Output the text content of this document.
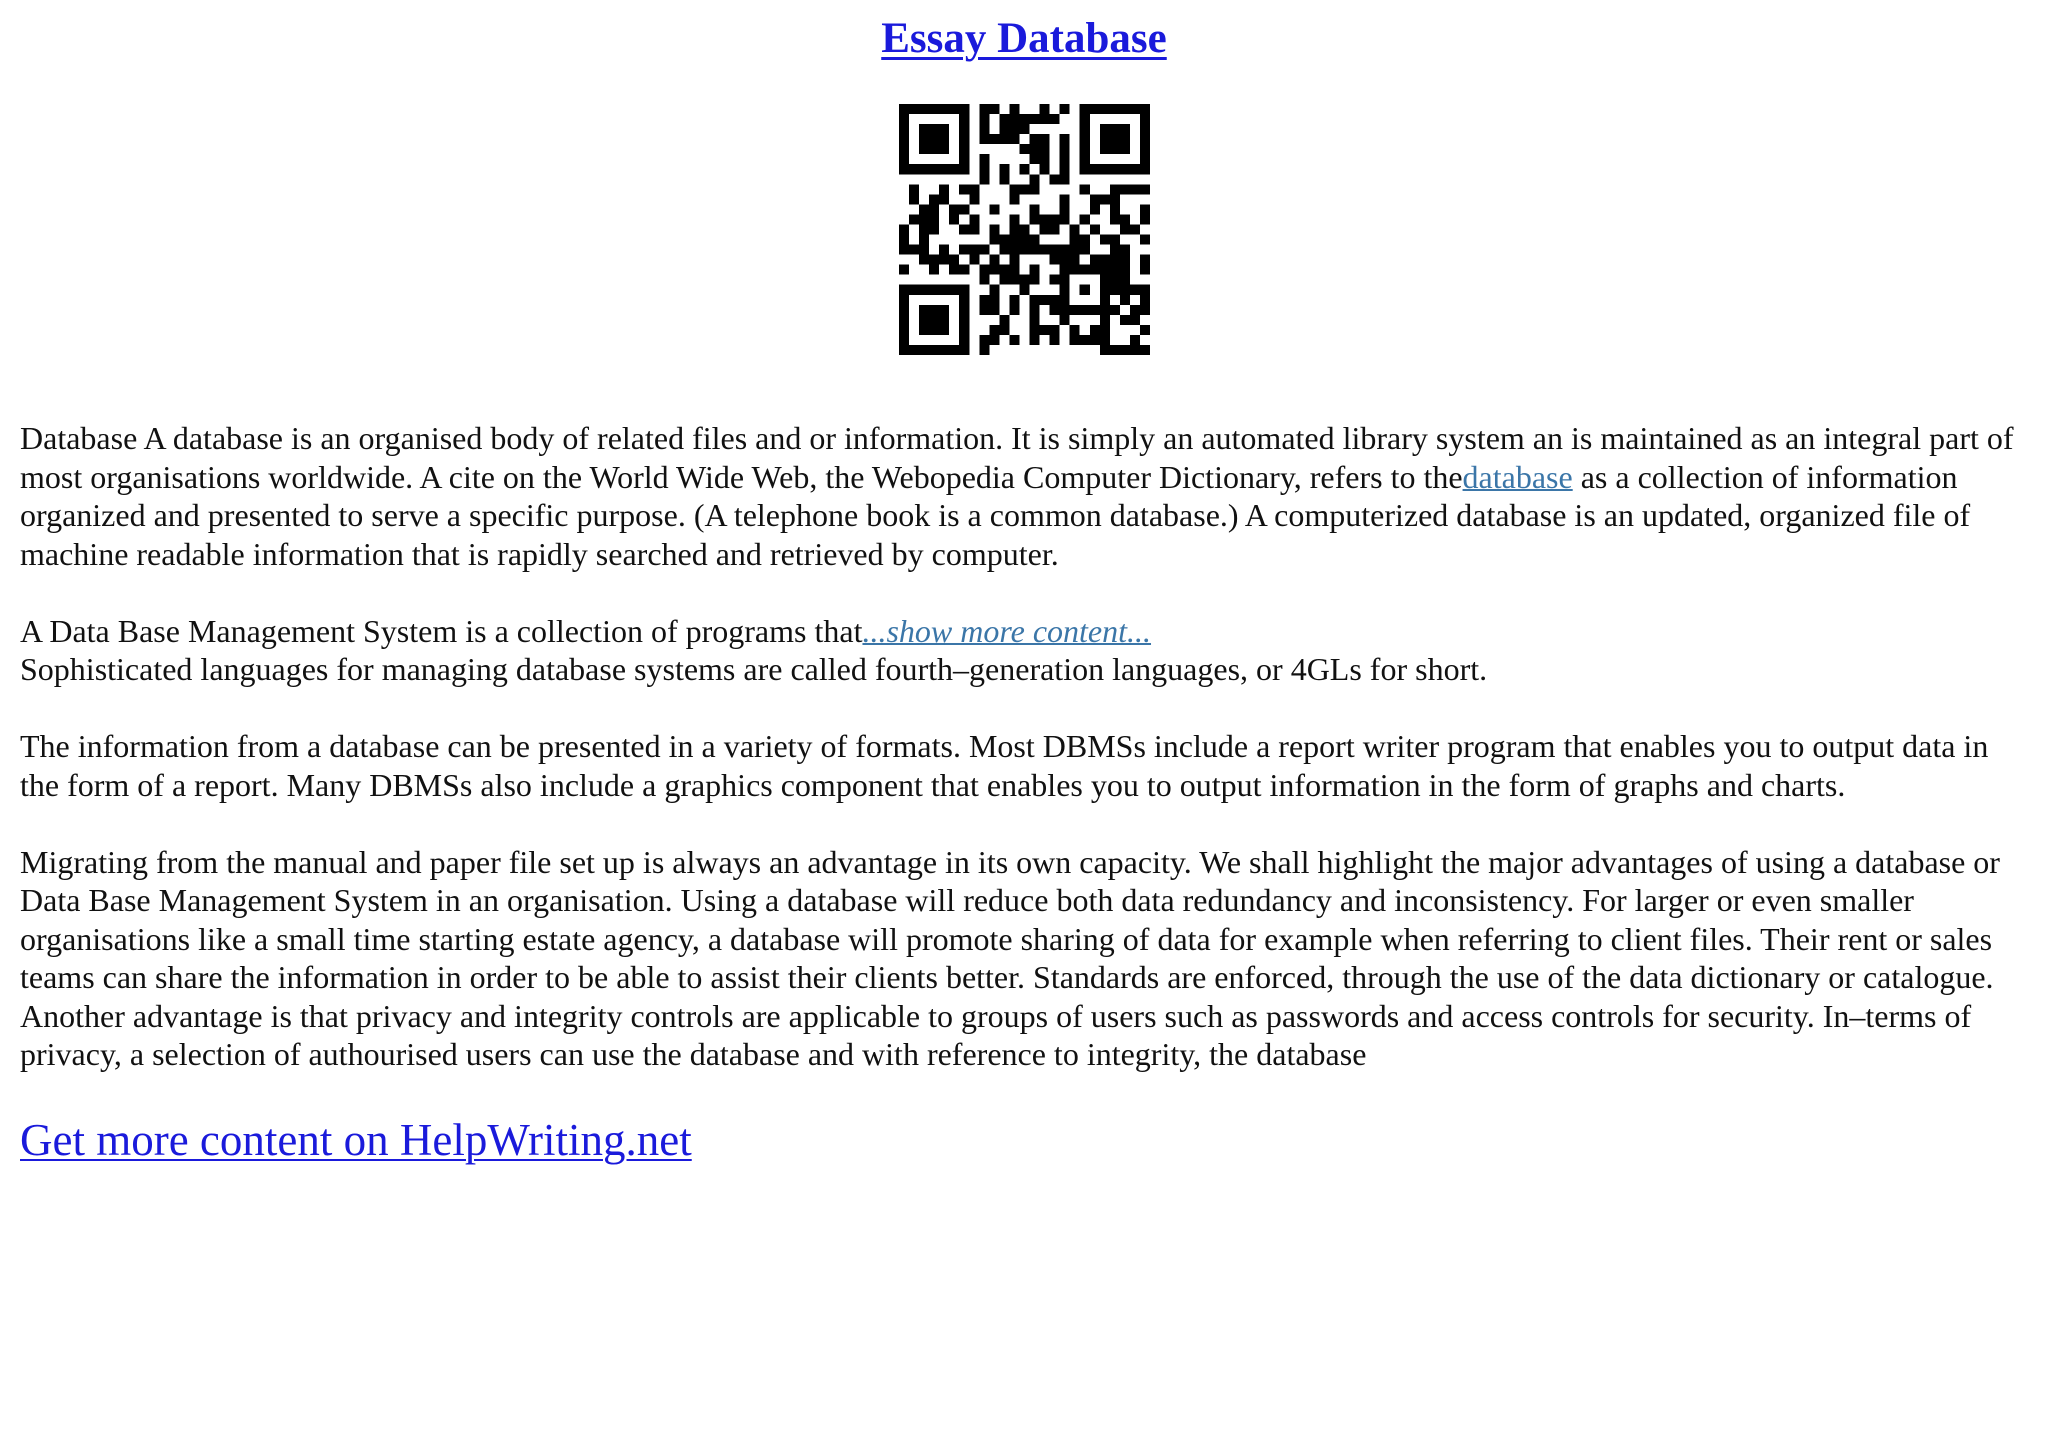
Essay Database

Database A database is an organised body of related files and or information. It is simply an automated library system an is maintained as an integral part of most organisations worldwide. A cite on the World Wide Web, the Webopedia Computer Dictionary, refers to thedatabase as a collection of information organized and presented to serve a specific purpose. (A telephone book is a common database.) A computerized database is an updated, organized file of machine readable information that is rapidly searched and retrieved by computer.

A Data Base Management System is a collection of programs that...show more content...
Sophisticated languages for managing database systems are called fourth–generation languages, or 4GLs for short.

The information from a database can be presented in a variety of formats. Most DBMSs include a report writer program that enables you to output data in the form of a report. Many DBMSs also include a graphics component that enables you to output information in the form of graphs and charts.

Migrating from the manual and paper file set up is always an advantage in its own capacity. We shall highlight the major advantages of using a database or Data Base Management System in an organisation. Using a database will reduce both data redundancy and inconsistency. For larger or even smaller organisations like a small time starting estate agency, a database will promote sharing of data for example when referring to client files. Their rent or sales teams can share the information in order to be able to assist their clients better. Standards are enforced, through the use of the data dictionary or catalogue. Another advantage is that privacy and integrity controls are applicable to groups of users such as passwords and access controls for security. In–terms of privacy, a selection of authourised users can use the database and with reference to integrity, the database

Get more content on HelpWriting.net
